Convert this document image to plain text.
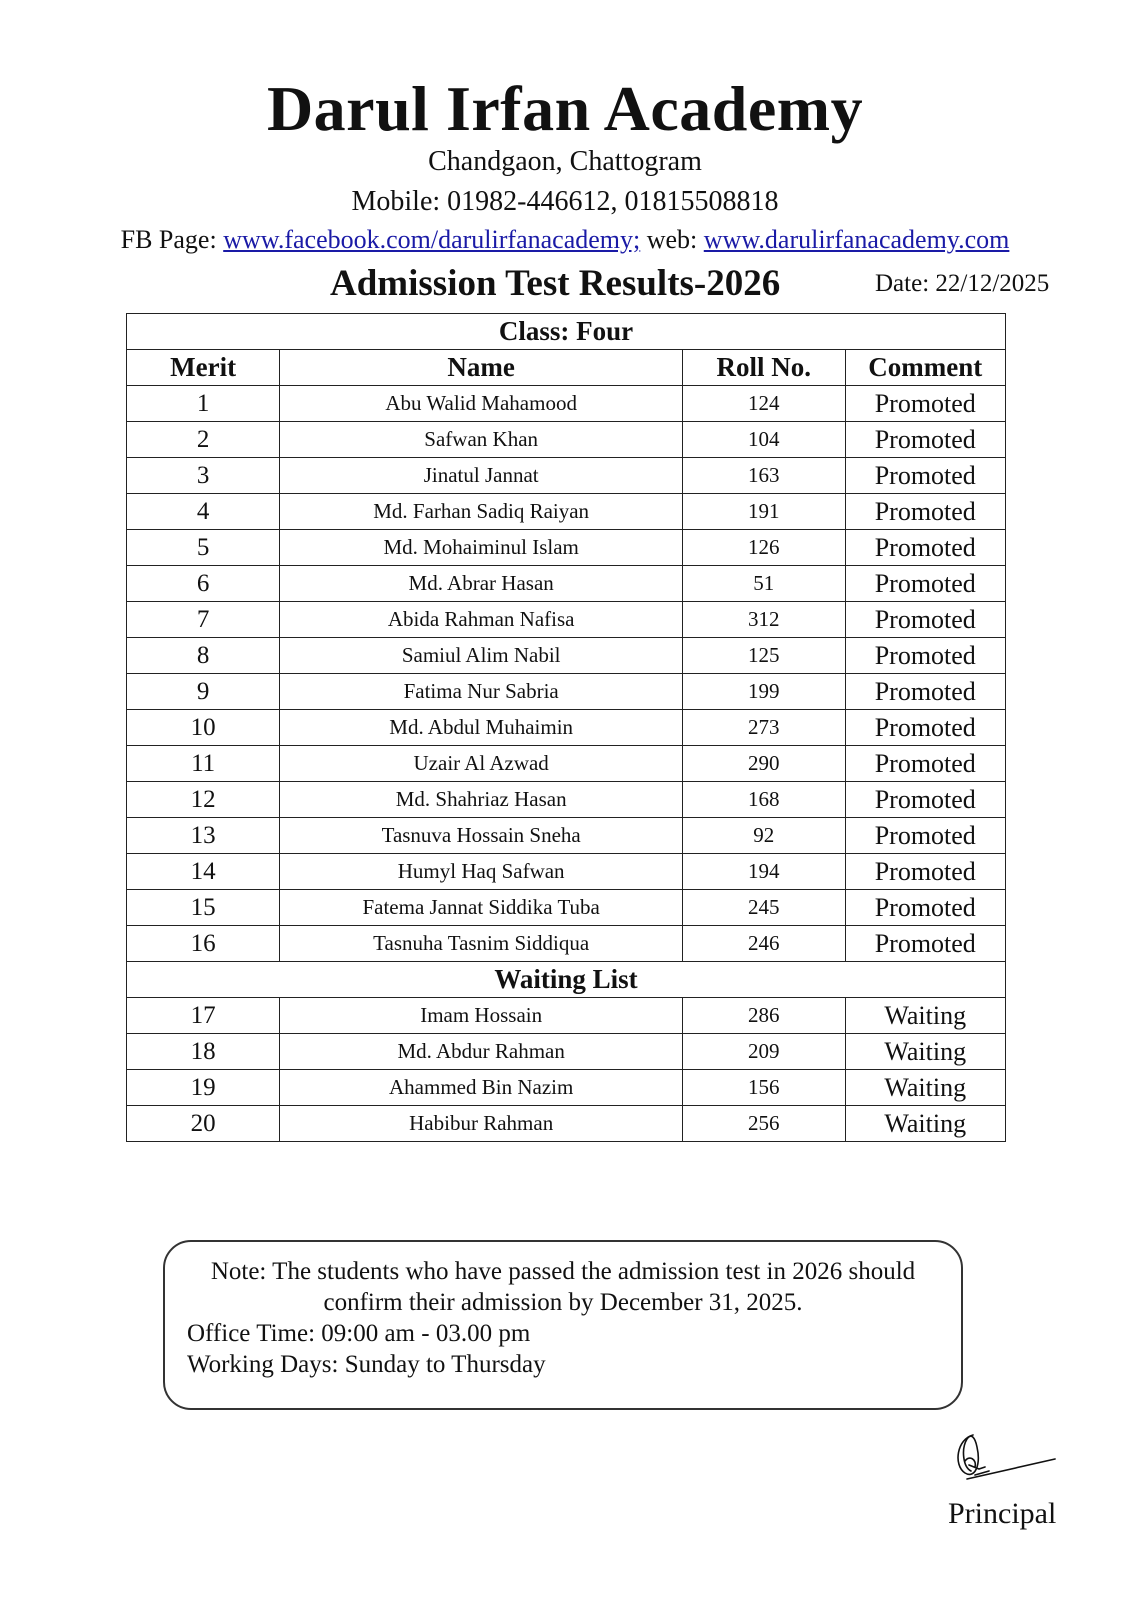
Darul Irfan Academy
Chandgaon, Chattogram
Mobile: 01982-446612, 01815508818
FB Page: www.facebook.com/darulirfanacademy; web: www.darulirfanacademy.com
Admission Test Results-2026	Date: 22/12/2025
Class: Four			
Merit	Name	Roll No.	Comment
1	Abu Walid Mahamood	124	Promoted
2	Safwan Khan	104	Promoted
3	Jinatul Jannat	163	Promoted
4	Md. Farhan Sadiq Raiyan	191	Promoted
5	Md. Mohaiminul Islam	126	Promoted
6	Md. Abrar Hasan	51	Promoted
7	Abida Rahman Nafisa	312	Promoted
8	Samiul Alim Nabil	125	Promoted
9	Fatima Nur Sabria	199	Promoted
10	Md. Abdul Muhaimin	273	Promoted
11	Uzair Al Azwad	290	Promoted
12	Md. Shahriaz Hasan	168	Promoted
13	Tasnuva Hossain Sneha	92	Promoted
14	Humyl Haq Safwan	194	Promoted
15	Fatema Jannat Siddika Tuba	245	Promoted
16	Tasnuha Tasnim Siddiqua	246	Promoted
Waiting List			
17	Imam Hossain	286	Waiting
18	Md. Abdur Rahman	209	Waiting
19	Ahammed Bin Nazim	156	Waiting
20	Habibur Rahman	256	Waiting
Note: The students who have passed the admission test in 2026 should
confirm their admission by December 31, 2025.
Office Time: 09:00 am - 03.00 pm
Working Days: Sunday to Thursday
Principal
